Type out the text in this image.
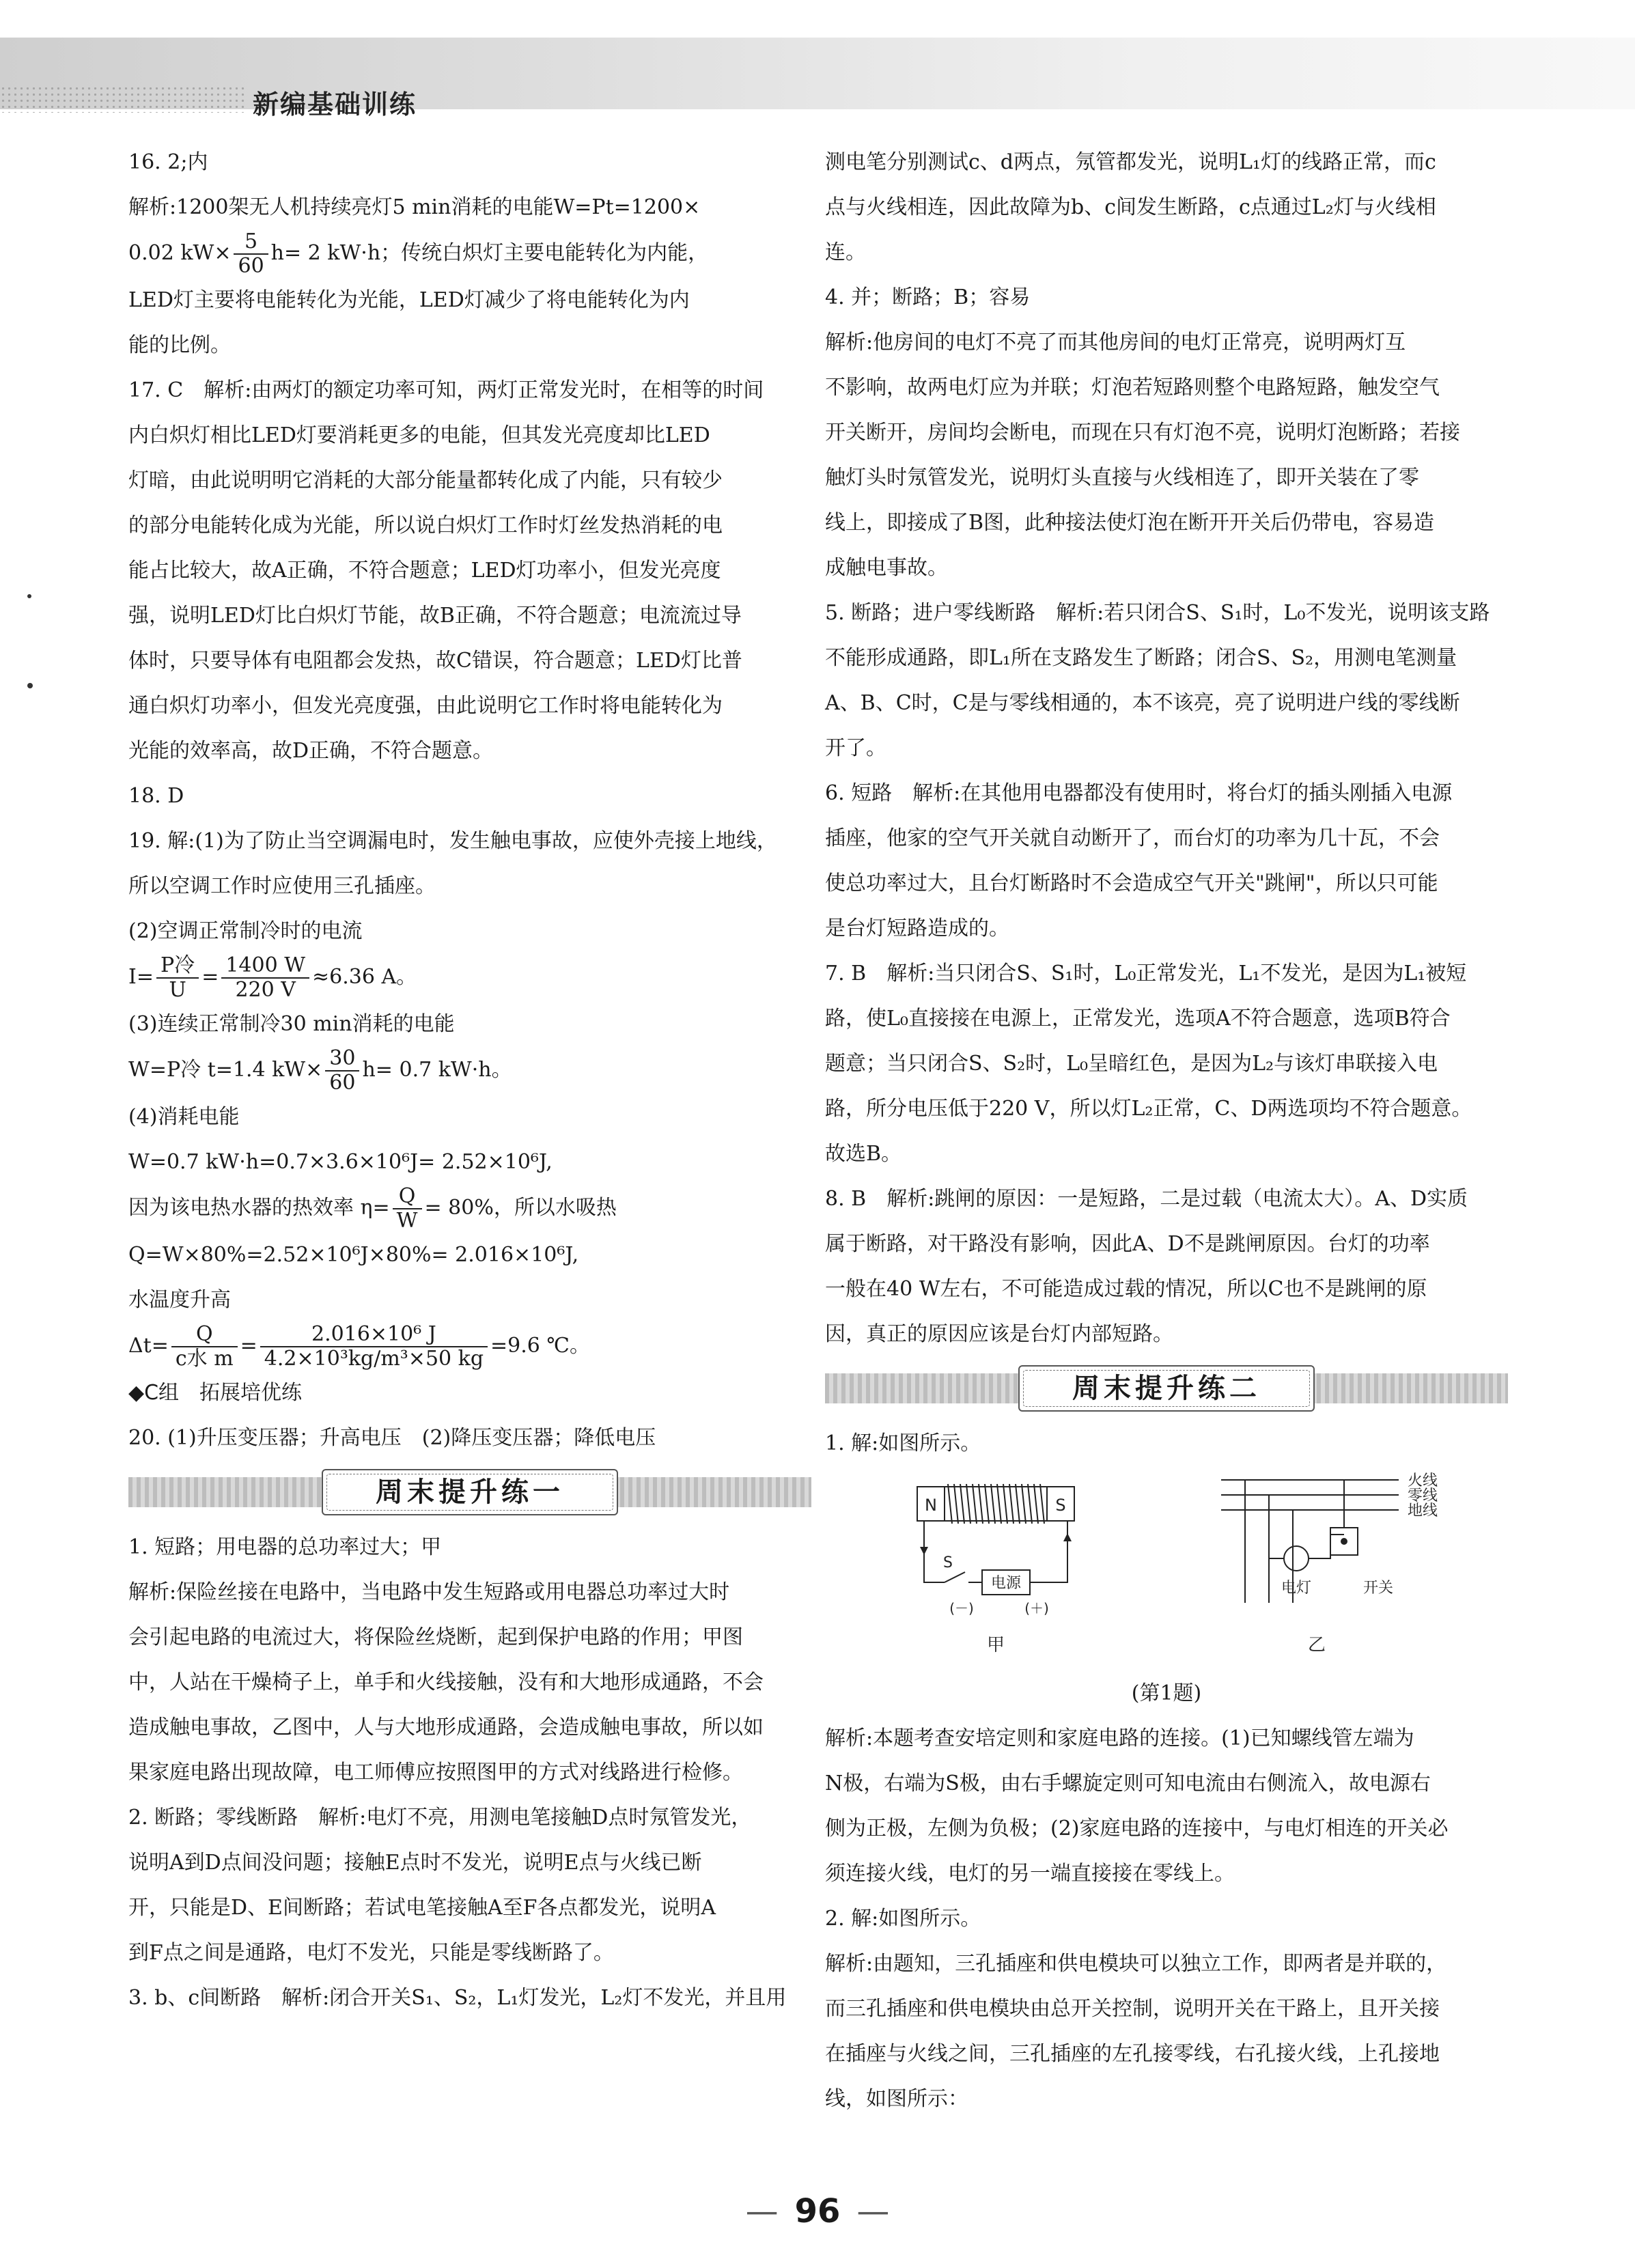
新编基础训练
16. 2;内
解析:1200架无人机持续亮灯5 min消耗的电能W=Pt=1200×
0.02 $kW\times \frac{5}{60} h= 2$ kW·h；传统白炽灯主要电能转化为内能，
LED灯主要将电能转化为光能，LED灯减少了将电能转化为内
能的比例。
17. C　解析:由两灯的额定功率可知，两灯正常发光时，在相等的时间
内白炽灯相比LED灯要消耗更多的电能，但其发光亮度却比LED
灯暗，由此说明明它消耗的大部分能量都转化成了内能，只有较少
的部分电能转化成为光能，所以说白炽灯工作时灯丝发热消耗的电
能占比较大，故A正确，不符合题意；LED灯功率小，但发光亮度
强，说明LED灯比白炽灯节能，故B正确，不符合题意；电流流过导
体时，只要导体有电阻都会发热，故C错误，符合题意；LED灯比普
通白炽灯功率小，但发光亮度强，由此说明它工作时将电能转化为
光能的效率高，故D正确，不符合题意。
18. D
19. 解:(1)为了防止当空调漏电时，发生触电事故，应使外壳接上地线，
所以空调工作时应使用三孔插座。
(2)空调正常制冷时的电流
$I= \frac{\text{P冷}}{U} = \frac{1400 W}{220 V} \approx 6.36$ A。
(3)连续正常制冷30 min消耗的电能
W=P冷 t=1.4 $kW\times \frac{30}{60} h= 0.7$ kW·h。
(4)消耗电能
W=0.7 kW·h=0.7×3.6×10⁶J= 2.52×10⁶J,
因为该电热水器的热效率 $\eta= \frac{Q}{W} = 80\%$，所以水吸热
Q=W×80%=2.52×10⁶J×80%= 2.016×10⁶J,
水温度升高
$\Delta t= \frac{Q}{\text{c水 m}} = \frac{\text{2.016×10⁶ J}}{\text{4.2×10³kg/m³×50 kg}} =9.6$ ℃。
◆C组　拓展培优练
20. (1)升压变压器；升高电压　(2)降压变压器；降低电压
周末提升练一
1. 短路；用电器的总功率过大；甲
解析:保险丝接在电路中，当电路中发生短路或用电器总功率过大时
会引起电路的电流过大，将保险丝烧断，起到保护电路的作用；甲图
中，人站在干燥椅子上，单手和火线接触，没有和大地形成通路，不会
造成触电事故，乙图中，人与大地形成通路，会造成触电事故，所以如
果家庭电路出现故障，电工师傅应按照图甲的方式对线路进行检修。
2. 断路；零线断路　解析:电灯不亮，用测电笔接触D点时氖管发光，
说明A到D点间没问题；接触E点时不发光，说明E点与火线已断
开，只能是D、E间断路；若试电笔接触A至F各点都发光，说明A
到F点之间是通路，电灯不发光，只能是零线断路了。
3. b、c间断路　解析:闭合开关S₁、S₂，L₁灯发光，L₂灯不发光，并且用
测电笔分别测试c、d两点，氖管都发光，说明L₁灯的线路正常，而c
点与火线相连，因此故障为b、c间发生断路，c点通过L₂灯与火线相
连。
4. 并；断路；B；容易
解析:他房间的电灯不亮了而其他房间的电灯正常亮，说明两灯互
不影响，故两电灯应为并联；灯泡若短路则整个电路短路，触发空气
开关断开，房间均会断电，而现在只有灯泡不亮，说明灯泡断路；若接
触灯头时氖管发光，说明灯头直接与火线相连了，即开关装在了零
线上，即接成了B图，此种接法使灯泡在断开开关后仍带电，容易造
成触电事故。
5. 断路；进户零线断路　解析:若只闭合S、S₁时，L₀不发光，说明该支路
不能形成通路，即L₁所在支路发生了断路；闭合S、S₂，用测电笔测量
A、B、C时，C是与零线相通的，本不该亮，亮了说明进户线的零线断
开了。
6. 短路　解析:在其他用电器都没有使用时，将台灯的插头刚插入电源
插座，他家的空气开关就自动断开了，而台灯的功率为几十瓦，不会
使总功率过大，且台灯断路时不会造成空气开关"跳闸"，所以只可能
是台灯短路造成的。
7. B　解析:当只闭合S、S₁时，L₀正常发光，L₁不发光，是因为L₁被短
路，使L₀直接接在电源上，正常发光，选项A不符合题意，选项B符合
题意；当只闭合S、S₂时，L₀呈暗红色，是因为L₂与该灯串联接入电
路，所分电压低于220 V，所以灯L₂正常，C、D两选项均不符合题意。
故选B。
8. B　解析:跳闸的原因：一是短路，二是过载（电流太大）。A、D实质
属于断路，对干路没有影响，因此A、D不是跳闸原因。台灯的功率
一般在40 W左右，不可能造成过载的情况，所以C也不是跳闸的原
因，真正的原因应该是台灯内部短路。
周末提升练二
1. 解:如图所示。
N	S
S
电源
(－)	(＋)
甲
火线
零线
地线
电灯	开关
乙
(第1题)
解析:本题考查安培定则和家庭电路的连接。(1)已知螺线管左端为
N极，右端为S极，由右手螺旋定则可知电流由右侧流入，故电源右
侧为正极，左侧为负极；(2)家庭电路的连接中，与电灯相连的开关必
须连接火线，电灯的另一端直接接在零线上。
2. 解:如图所示。
解析:由题知，三孔插座和供电模块可以独立工作，即两者是并联的，
而三孔插座和供电模块由总开关控制，说明开关在干路上，且开关接
在插座与火线之间，三孔插座的左孔接零线，右孔接火线，上孔接地
线，如图所示：
— 96 —
